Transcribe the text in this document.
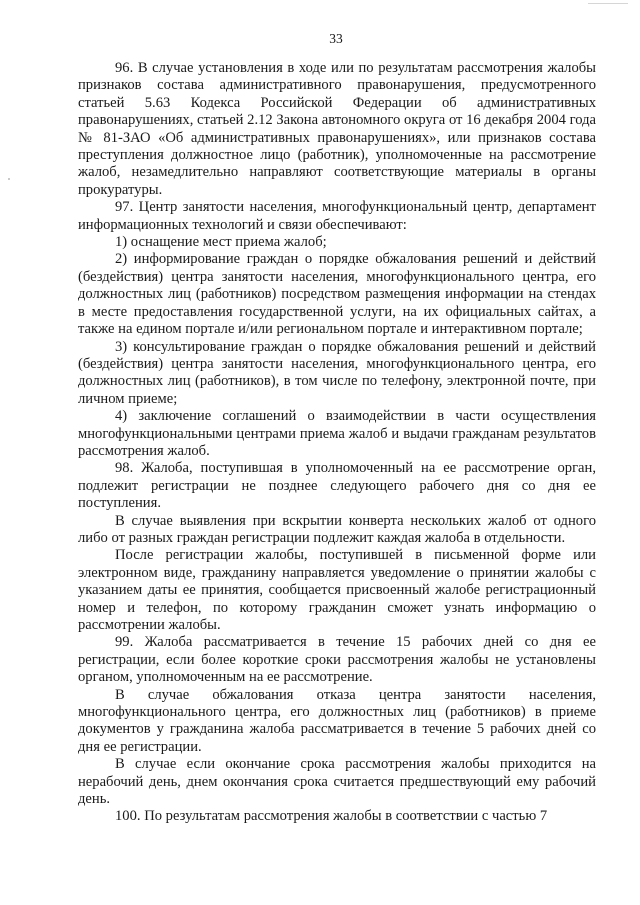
33

96. В случае установления в ходе или по результатам рассмотрения жалобы признаков состава административного правонарушения, предусмотренного статьей 5.63 Кодекса Российской Федерации об административных правонарушениях, статьей 2.12 Закона автономного округа от 16 декабря 2004 года № 81-ЗАО «Об административных правонарушениях», или признаков состава преступления должностное лицо (работник), уполномоченные на рассмотрение жалоб, незамедлительно направляют соответствующие материалы в органы прокуратуры.

97. Центр занятости населения, многофункциональный центр, департамент информационных технологий и связи обеспечивают:

1) оснащение мест приема жалоб;

2) информирование граждан о порядке обжалования решений и действий (бездействия) центра занятости населения, многофункционального центра, его должностных лиц (работников) посредством размещения информации на стендах в месте предоставления государственной услуги, на их официальных сайтах, а также на едином портале и/или региональном портале и интерактивном портале;

3) консультирование граждан о порядке обжалования решений и действий (бездействия) центра занятости населения, многофункционального центра, его должностных лиц (работников), в том числе по телефону, электронной почте, при личном приеме;

4) заключение соглашений о взаимодействии в части осуществления многофункциональными центрами приема жалоб и выдачи гражданам результатов рассмотрения жалоб.

98. Жалоба, поступившая в уполномоченный на ее рассмотрение орган, подлежит регистрации не позднее следующего рабочего дня со дня ее поступления.

В случае выявления при вскрытии конверта нескольких жалоб от одного либо от разных граждан регистрации подлежит каждая жалоба в отдельности.

После регистрации жалобы, поступившей в письменной форме или электронном виде, гражданину направляется уведомление о принятии жалобы с указанием даты ее принятия, сообщается присвоенный жалобе регистрационный номер и телефон, по которому гражданин сможет узнать информацию о рассмотрении жалобы.

99. Жалоба рассматривается в течение 15 рабочих дней со дня ее регистрации, если более короткие сроки рассмотрения жалобы не установлены органом, уполномоченным на ее рассмотрение.

В случае обжалования отказа центра занятости населения, многофункционального центра, его должностных лиц (работников) в приеме документов у гражданина жалоба рассматривается в течение 5 рабочих дней со дня ее регистрации.

В случае если окончание срока рассмотрения жалобы приходится на нерабочий день, днем окончания срока считается предшествующий ему рабочий день.

100. По результатам рассмотрения жалобы в соответствии с частью 7
